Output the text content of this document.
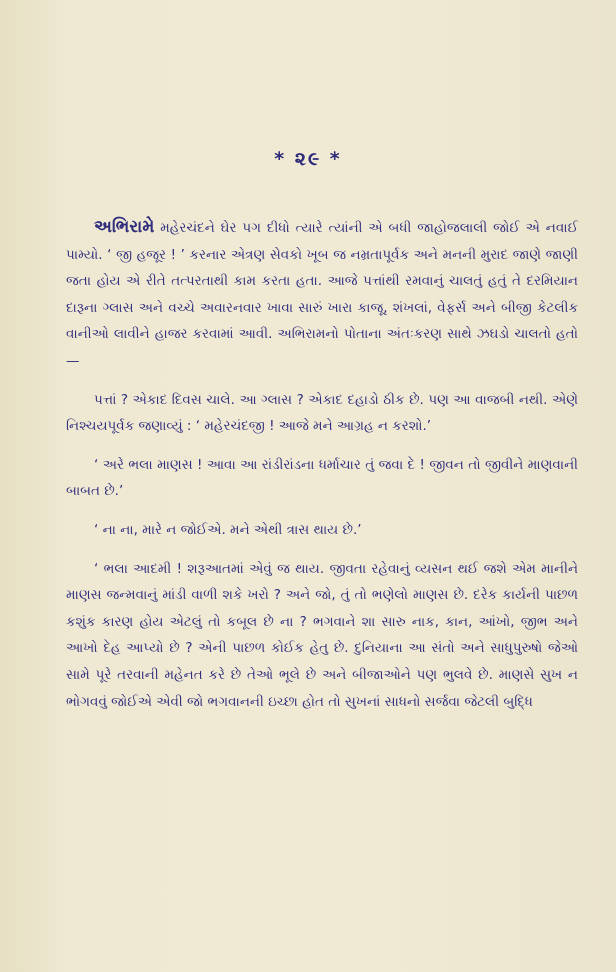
* ૨૯ *

અભિરામે મહેરચંદને ઘેર પગ દીધો ત્યારે ત્યાંની એ બધી જાહોજલાલી જોઈ એ નવાઈ પામ્યો. ‘ જી હજૂર ! ’ કરનાર એત્રણ સેવકો ખૂબ જ નમ્રતાપૂર્વક અને મનની મુરાદ જાણે જાણી જતા હોય એ રીતે તત્પરતાથી કામ કરતા હતા. આજે પત્તાંથી રમવાનું ચાલતું હતું તે દરમિયાન દારૂના ગ્લાસ અને વચ્ચે અવારનવાર ખાવા સારું ખારા કાજૂ, શંખલાં, વેફર્સ અને બીજી કેટલીક વાનીઓ લાવીને હાજર કરવામાં આવી. અભિરામનો પોતાના અંતઃકરણ સાથે ઝઘડો ચાલતો હતો—

પત્તાં ? એકાદ દિવસ ચાલે. આ ગ્લાસ ? એકાદ દહાડો ઠીક છે. પણ આ વાજબી નથી. એણે નિશ્ચયપૂર્વક જણાવ્યું : ‘ મહેરચંદજી ! આજે મને આગ્રહ ન કરશો.’

‘ અરે ભલા માણસ ! આવા આ રાંડીરાંડના ધર્માચાર તું જવા દે ! જીવન તો જીવીને માણવાની બાબત છે.’

‘ ના ના, મારે ન જોઈએ. મને એથી ત્રાસ થાય છે.’

‘ ભલા આદમી ! શરૂઆતમાં એવું જ થાય. જીવતા રહેવાનું વ્યસન થઈ જશે એમ માનીને માણસ જન્મવાનું માંડી વાળી શકે ખરો ? અને જો, તું તો ભણેલો માણસ છે. દરેક કાર્યની પાછળ કશુંક કારણ હોય એટલું તો કબૂલ છે ના ? ભગવાને શા સારુ નાક, કાન, આંખો, જીભ અને આખો દેહ આપ્યો છે ? એની પાછળ કોઈક હેતુ છે. દુનિયાના આ સંતો અને સાધુપુરુષો જેઓ સામે પૂરે તરવાની મહેનત કરે છે તેઓ ભૂલે છે અને બીજાઓને પણ ભુલવે છે. માણસે સુખ ન ભોગવવું જોઈએ એવી જો ભગવાનની ઇચ્છા હોત તો સુખનાં સાધનો સર્જવા જેટલી બુદ્ધિ
